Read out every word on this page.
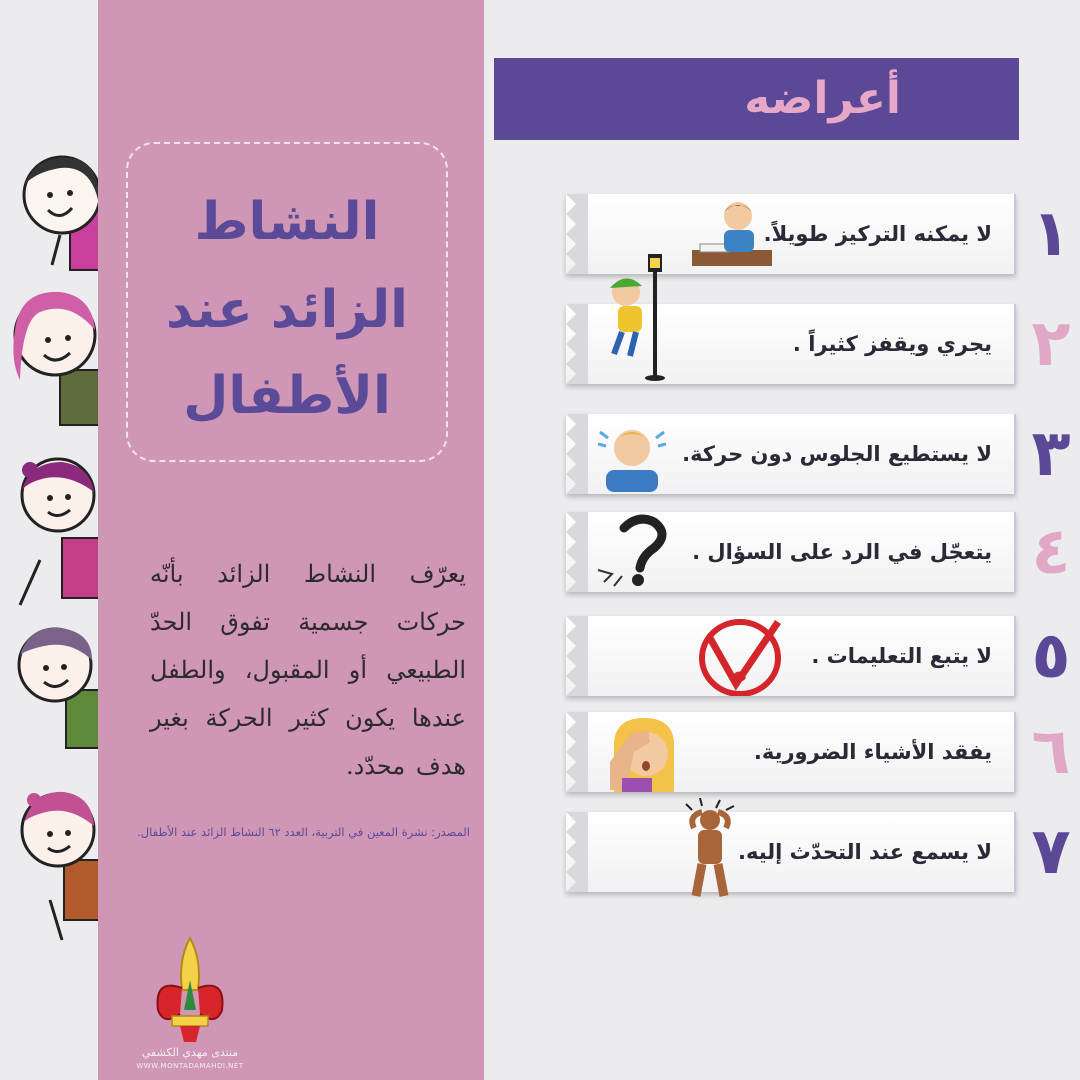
النشاط
الزائد عند
الأطفال
يعرّف النشاط الزائد بأنّه حركات جسمية تفوق الحدّ الطبيعي أو المقبول، والطفل عندها يكون كثير الحركة بغير هدف محدّد.
المصدر: نشرة المعين في التربية، العدد ٦٢ النشاط الزائد عند الأطفال.
منتدى مهدي الكشفي
WWW.MONTADAMAHDI.NET
أعراضه
لا يمكنه التركيز طويلاً. ١
يجري ويقفز كثيراً . ٢
لا يستطيع الجلوس دون حركة. ٣
يتعجّل في الرد على السؤال . ٤
لا يتبع التعليمات . ٥
يفقد الأشياء الضرورية. ٦
لا يسمع عند التحدّث إليه. ٧
